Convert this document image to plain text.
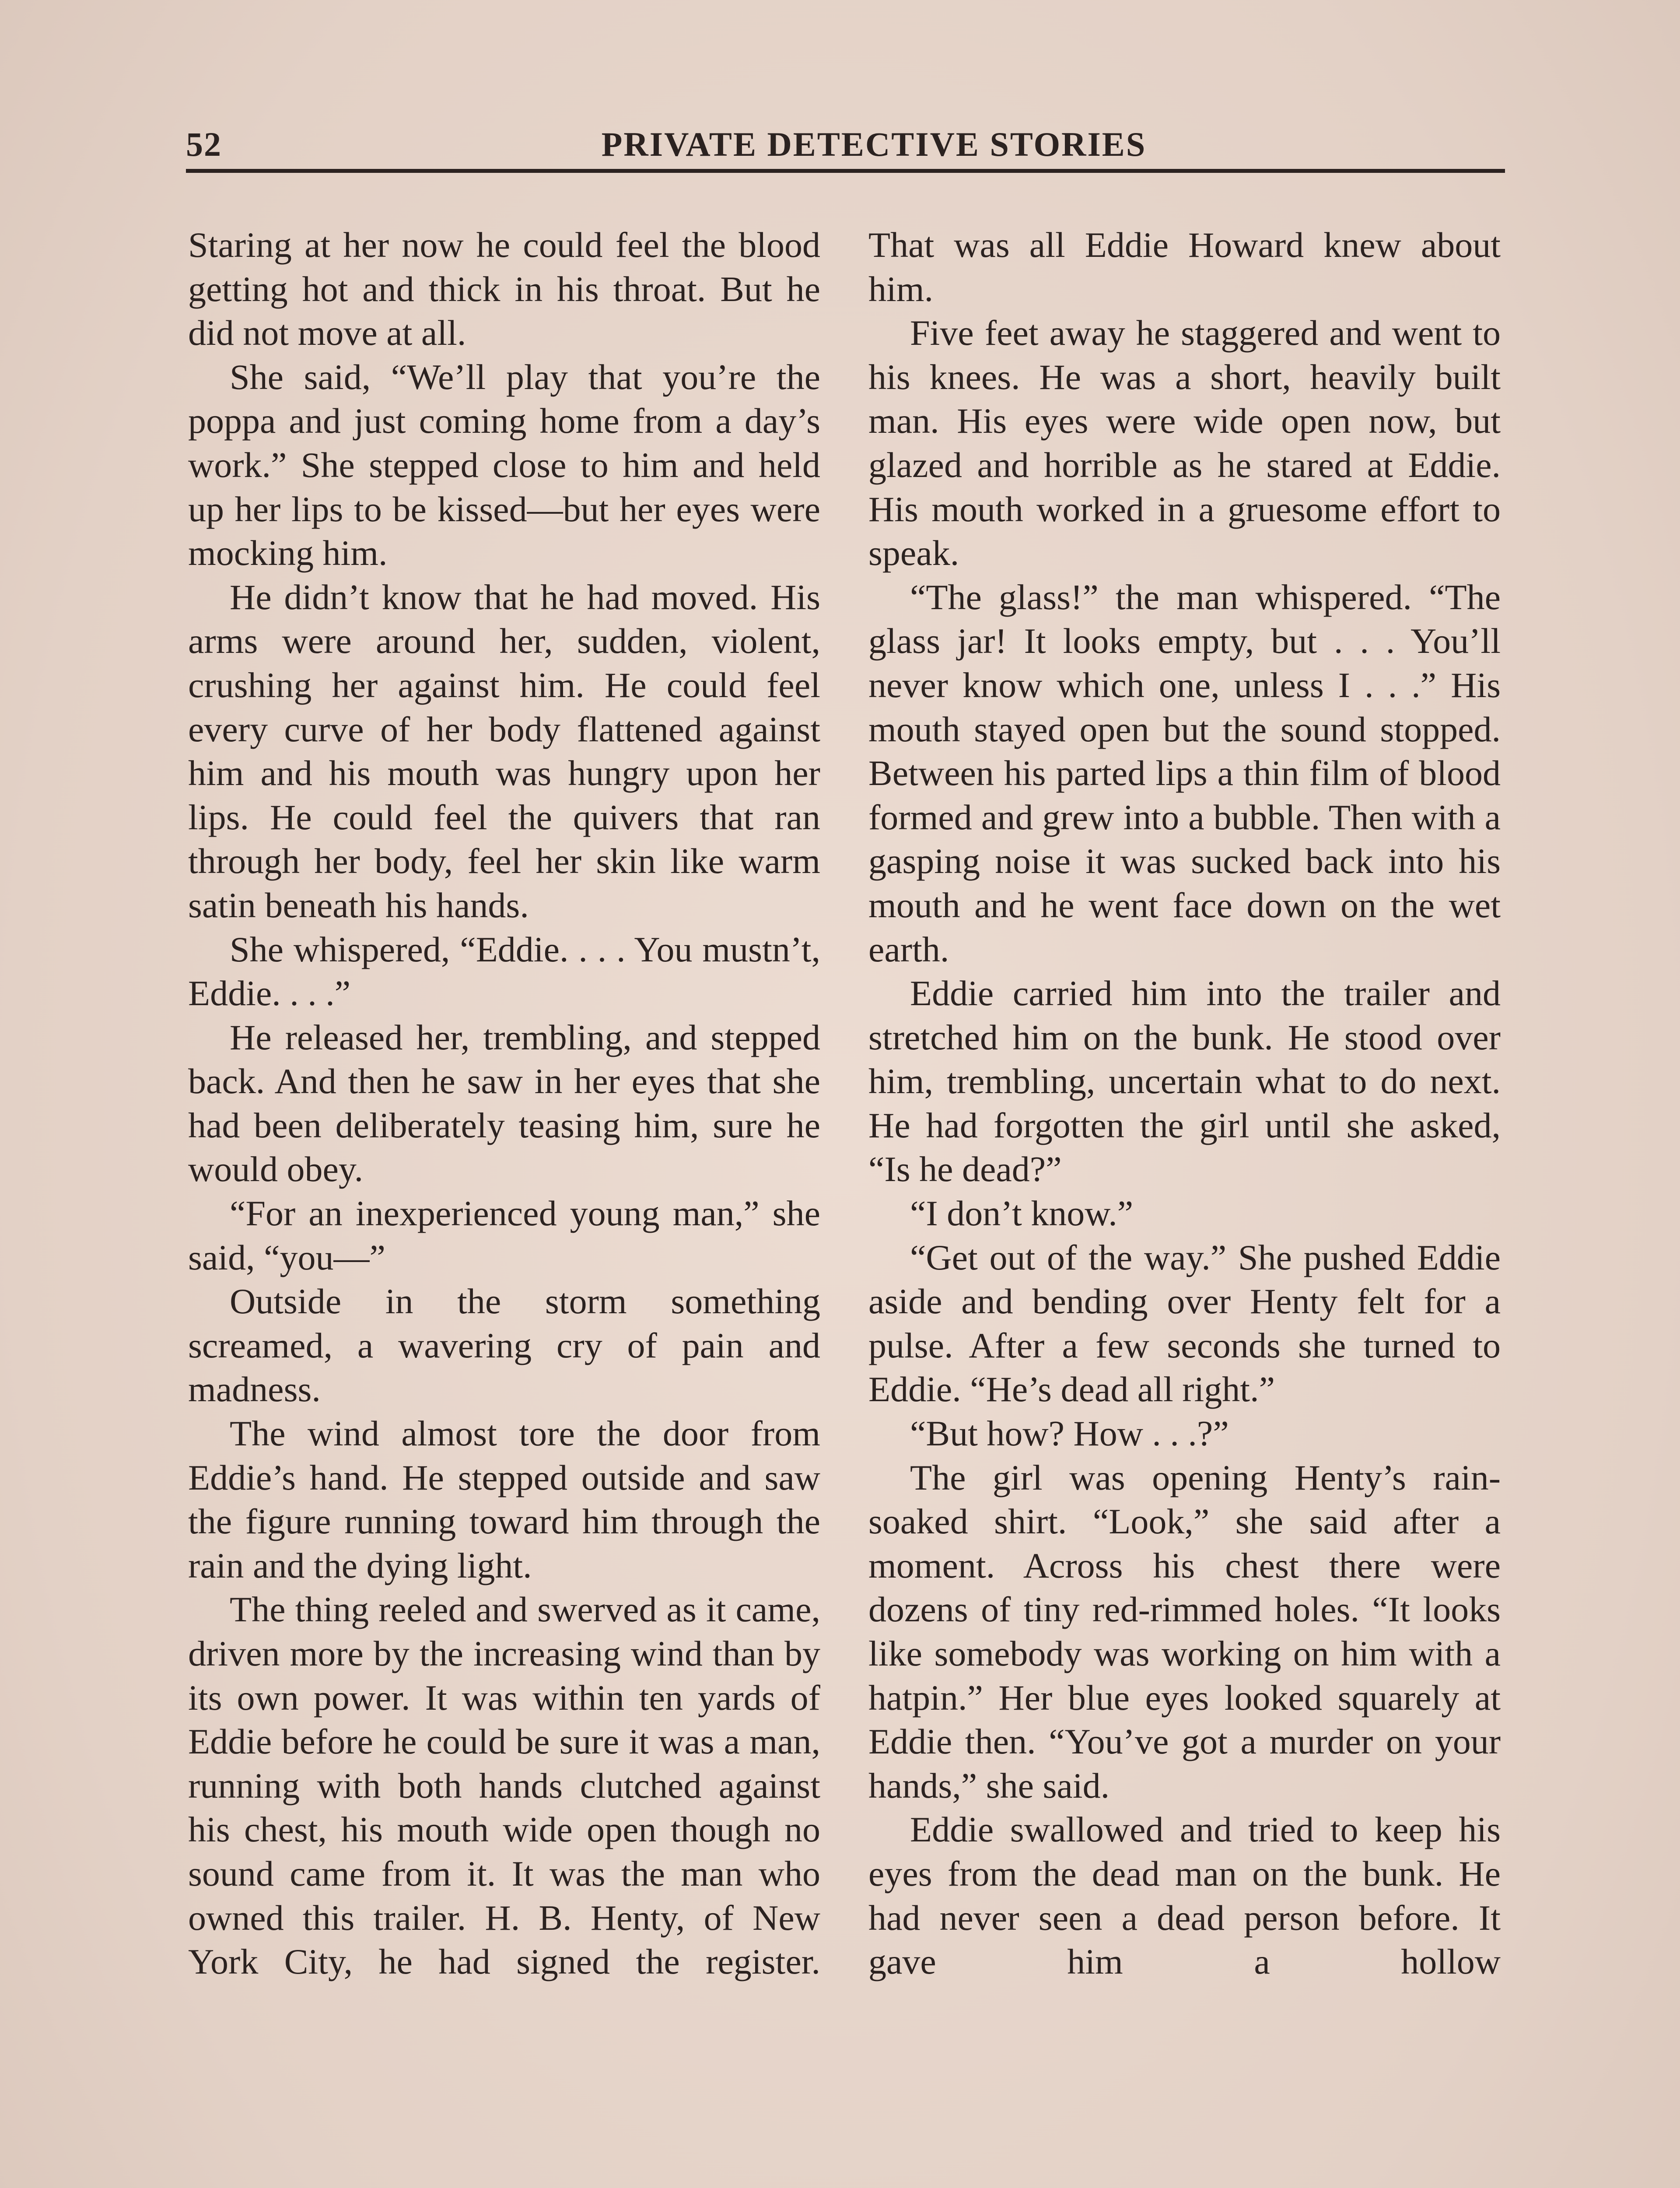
52	PRIVATE DETECTIVE STORIES

Staring at her now he could feel the blood getting hot and thick in his throat. But he did not move at all.

She said, “We’ll play that you’re the poppa and just coming home from a day’s work.” She stepped close to him and held up her lips to be kissed—but her eyes were mocking him.

He didn’t know that he had moved. His arms were around her, sudden, violent, crushing her against him. He could feel every curve of her body flattened against him and his mouth was hungry upon her lips. He could feel the quivers that ran through her body, feel her skin like warm satin beneath his hands.

She whispered, “Eddie. . . . You mustn’t, Eddie. . . .”

He released her, trembling, and stepped back. And then he saw in her eyes that she had been deliberately teasing him, sure he would obey.

“For an inexperienced young man,” she said, “you—”

Outside in the storm something screamed, a wavering cry of pain and madness.

The wind almost tore the door from Eddie’s hand. He stepped outside and saw the figure running toward him through the rain and the dying light.

The thing reeled and swerved as it came, driven more by the increasing wind than by its own power. It was within ten yards of Eddie before he could be sure it was a man, running with both hands clutched against his chest, his mouth wide open though no sound came from it. It was the man who owned this trailer. H. B. Henty, of New York City, he had signed the register.

That was all Eddie Howard knew about him.

Five feet away he staggered and went to his knees. He was a short, heavily built man. His eyes were wide open now, but glazed and horrible as he stared at Eddie. His mouth worked in a gruesome effort to speak.

“The glass!” the man whispered. “The glass jar! It looks empty, but . . . You’ll never know which one, unless I . . .” His mouth stayed open but the sound stopped. Between his parted lips a thin film of blood formed and grew into a bubble. Then with a gasping noise it was sucked back into his mouth and he went face down on the wet earth.

Eddie carried him into the trailer and stretched him on the bunk. He stood over him, trembling, uncertain what to do next. He had forgotten the girl until she asked, “Is he dead?”

“I don’t know.”

“Get out of the way.” She pushed Eddie aside and bending over Henty felt for a pulse. After a few seconds she turned to Eddie. “He’s dead all right.”

“But how? How . . .?”

The girl was opening Henty’s rain-soaked shirt. “Look,” she said after a moment. Across his chest there were dozens of tiny red-rimmed holes. “It looks like somebody was working on him with a hatpin.” Her blue eyes looked squarely at Eddie then. “You’ve got a murder on your hands,” she said.

Eddie swallowed and tried to keep his eyes from the dead man on the bunk. He had never seen a dead person before. It gave him a hollow
